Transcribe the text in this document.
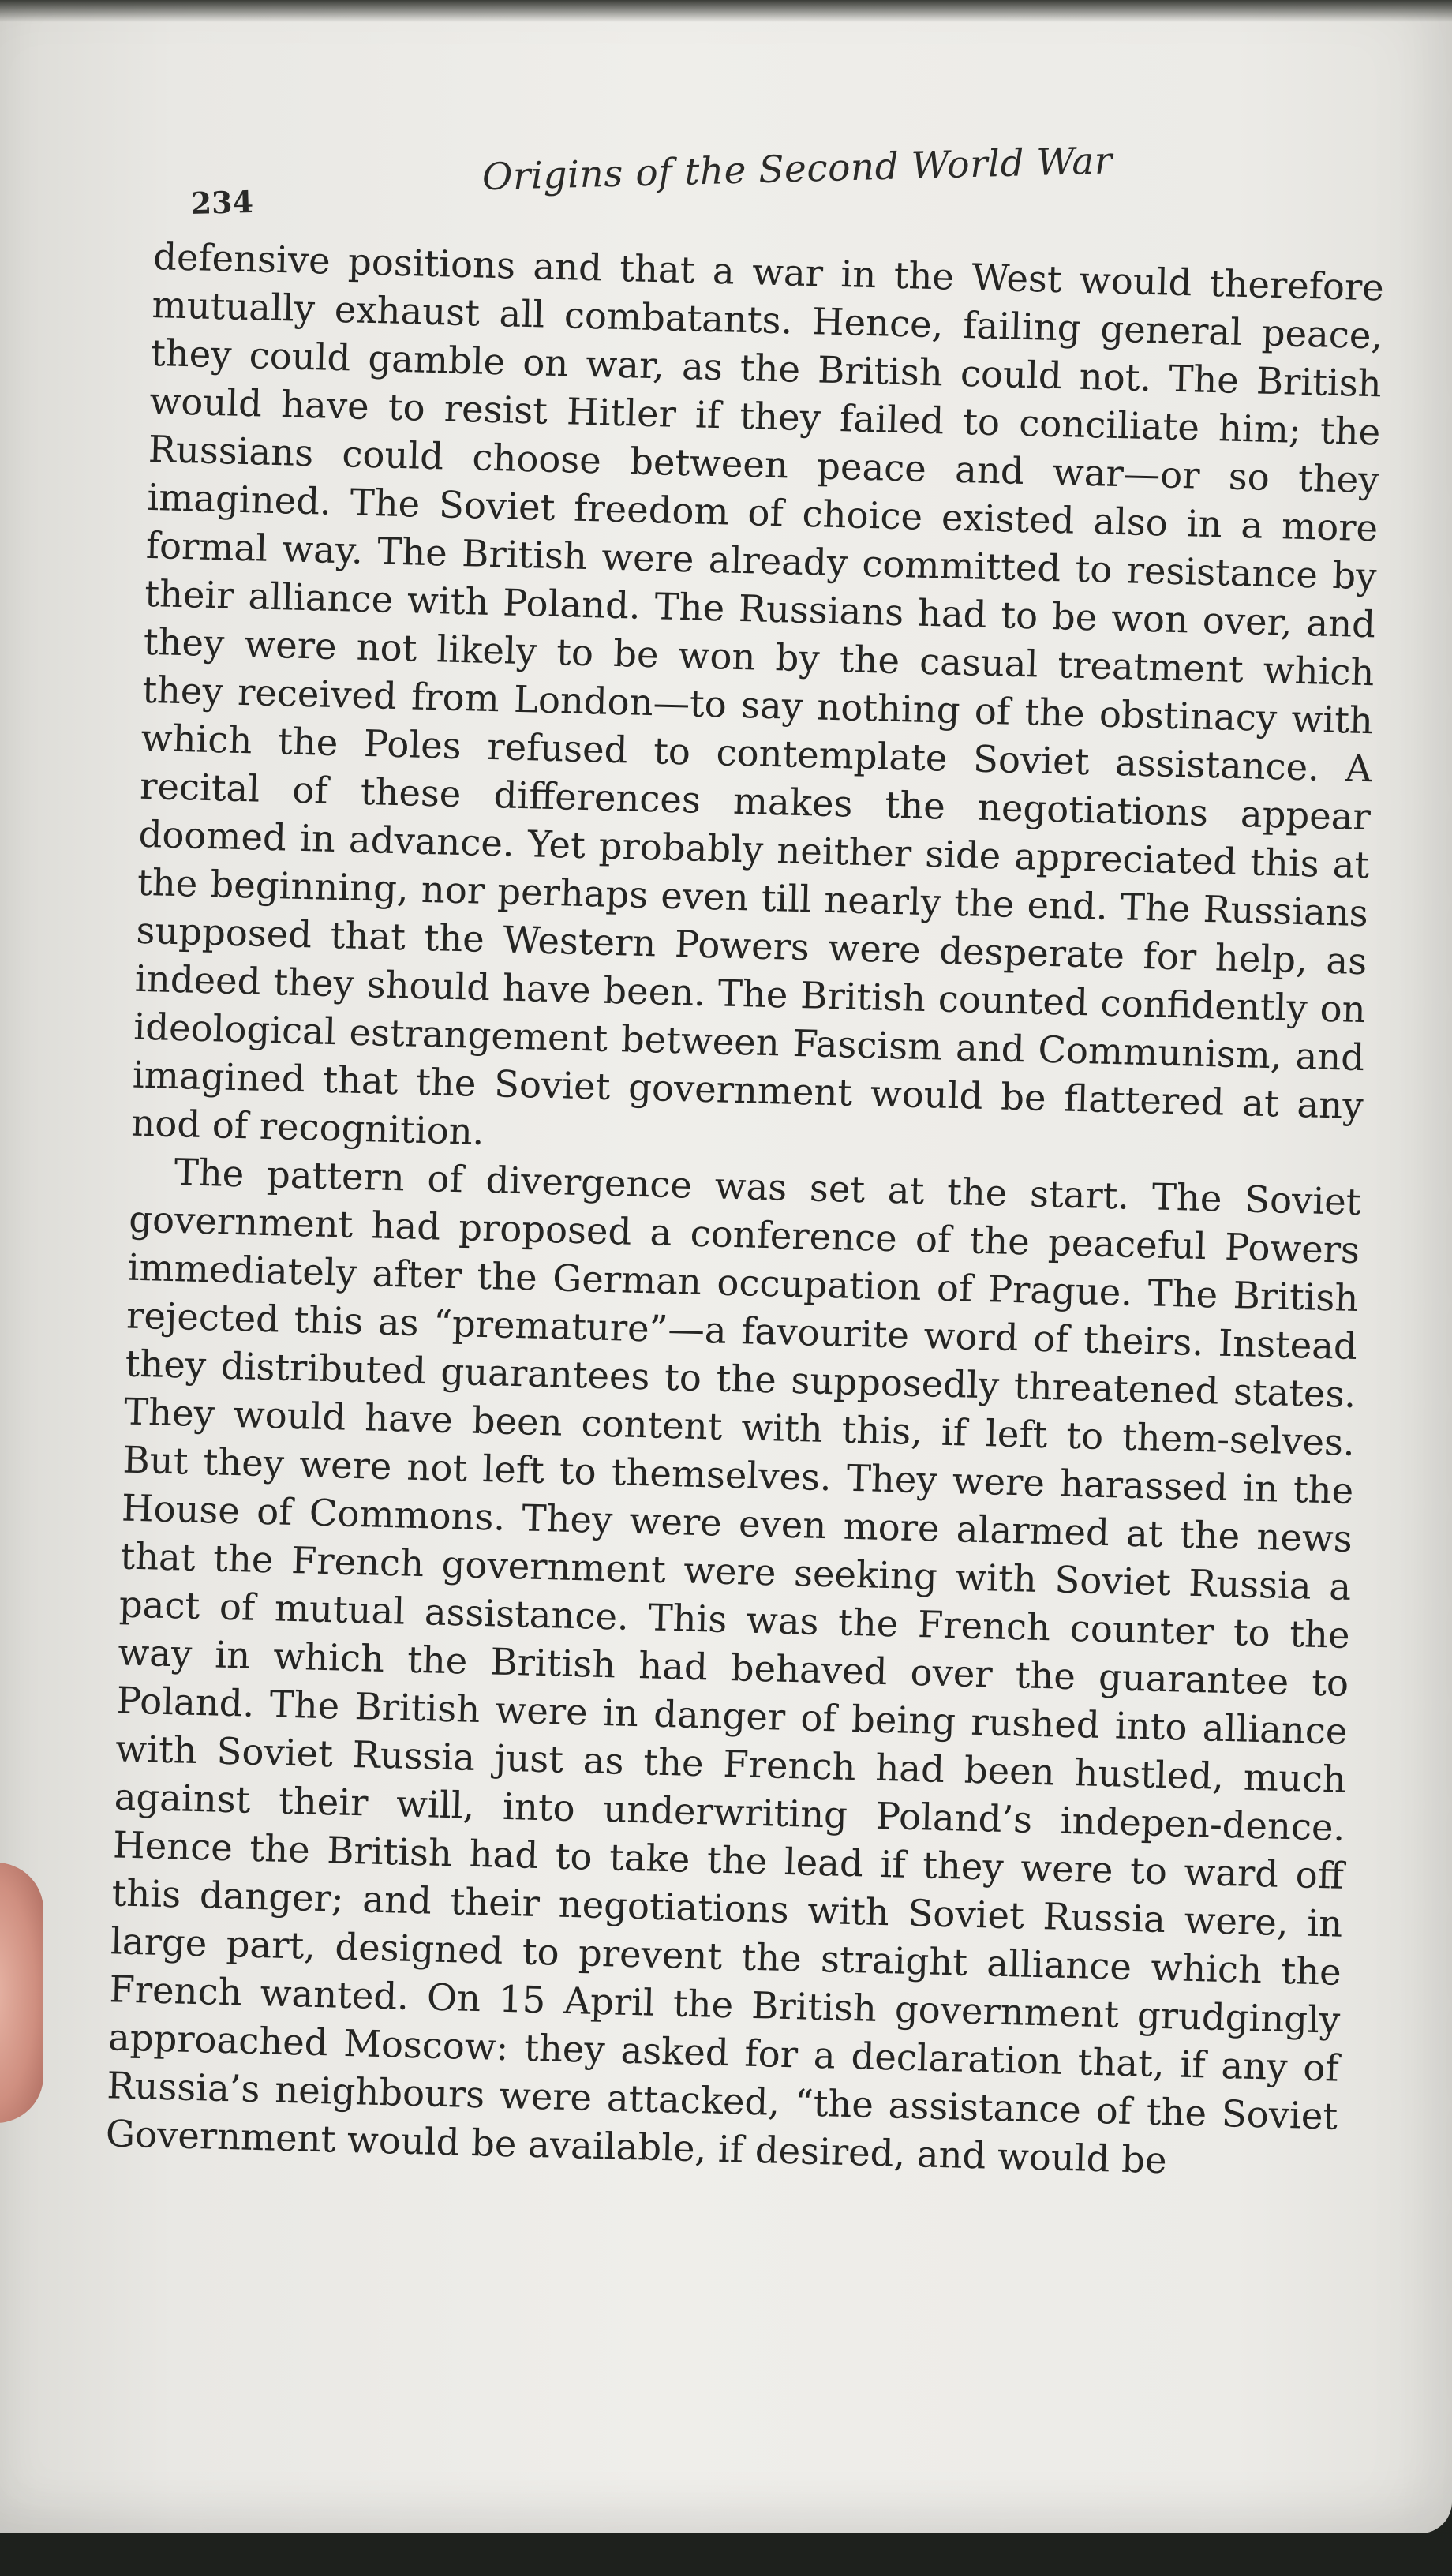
234
Origins of the Second World War

defensive positions and that a war in the West would therefore mutually exhaust all combatants. Hence, failing general peace, they could gamble on war, as the British could not. The British would have to resist Hitler if they failed to conciliate him; the Russians could choose between peace and war—or so they imagined. The Soviet freedom of choice existed also in a more formal way. The British were already committed to resistance by their alliance with Poland. The Russians had to be won over, and they were not likely to be won by the casual treatment which they received from London—to say nothing of the obstinacy with which the Poles refused to contemplate Soviet assistance. A recital of these differences makes the negotiations appear doomed in advance. Yet probably neither side appreciated this at the beginning, nor perhaps even till nearly the end. The Russians supposed that the Western Powers were desperate for help, as indeed they should have been. The British counted confidently on ideological estrangement between Fascism and Communism, and imagined that the Soviet government would be flattered at any nod of recognition.

The pattern of divergence was set at the start. The Soviet government had proposed a conference of the peaceful Powers immediately after the German occupation of Prague. The British rejected this as “premature”—a favourite word of theirs. Instead they distributed guarantees to the supposedly threatened states. They would have been content with this, if left to them-selves. But they were not left to themselves. They were harassed in the House of Commons. They were even more alarmed at the news that the French government were seeking with Soviet Russia a pact of mutual assistance. This was the French counter to the way in which the British had behaved over the guarantee to Poland. The British were in danger of being rushed into alliance with Soviet Russia just as the French had been hustled, much against their will, into underwriting Poland’s indepen-dence. Hence the British had to take the lead if they were to ward off this danger; and their negotiations with Soviet Russia were, in large part, designed to prevent the straight alliance which the French wanted. On 15 April the British government grudgingly approached Moscow: they asked for a declaration that, if any of Russia’s neighbours were attacked, “the assistance of the Soviet Government would be available, if desired, and would be
